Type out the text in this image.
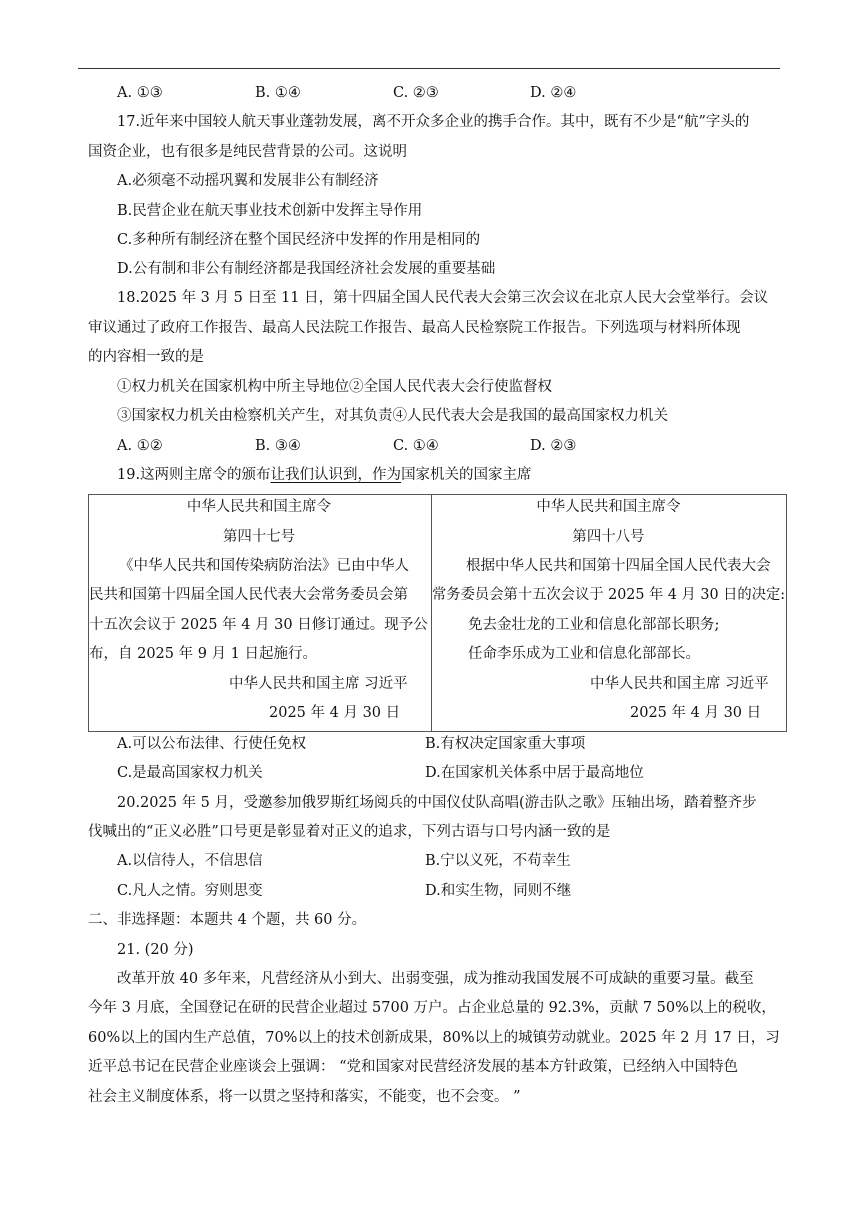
A. ①③	B. ①④	C. ②③	D. ②④
17.近年来中国较人航天事业蓬勃发展，离不开众多企业的携手合作。其中，既有不少是“航”字头的
国资企业，也有很多是纯民营背景的公司。这说明
A.必须毫不动摇巩翼和发展非公有制经济
B.民营企业在航天事业技术创新中发挥主导作用
C.多种所有制经济在整个国民经济中发挥的作用是相同的
D.公有制和非公有制经济都是我国经济社会发展的重要基础
18.2025 年 3 月 5 日至 11 日，第十四届全国人民代表大会第三次会议在北京人民大会堂举行。会议
审议通过了政府工作报告、最高人民法院工作报告、最高人民检察院工作报告。下列选项与材料所体现
的内容相一致的是
①权力机关在国家机构中所主导地位②全国人民代表大会行使监督权
③国家权力机关由检察机关产生，对其负责④人民代表大会是我国的最高国家权力机关
A. ①②	B. ③④	C. ①④	D. ②③
19.这两则主席令的颁布让我们认识到，作为国家机关的国家主席
中华人民共和国主席令
第四十七号
《中华人民共和国传染病防治法》已由中华人
民共和国第十四届全国人民代表大会常务委员会第
十五次会议于 2025 年 4 月 30 日修订通过。现予公
布，自 2025 年 9 月 1 日起施行。
中华人民共和国主席 习近平
2025 年 4 月 30 日
中华人民共和国主席令
第四十八号
根据中华人民共和国第十四届全国人民代表大会
常务委员会第十五次会议于 2025 年 4 月 30 日的决定:
免去金壮龙的工业和信息化部部长职务;
任命李乐成为工业和信息化部部长。
中华人民共和国主席 习近平
2025 年 4 月 30 日
A.可以公布法律、行使任免权	B.有权决定国家重大事项
C.是最高国家权力机关	D.在国家机关体系中居于最高地位
20.2025 年 5 月，受邀参加俄罗斯红场阅兵的中国仪仗队高唱(游击队之歌》压轴出场，踏着整齐步
伐喊出的“正义必胜”口号更是彰显着对正义的追求，下列古语与口号内涵一致的是
A.以信待人，不信思信	B.宁以义死，不苟幸生
C.凡人之情。穷则思变	D.和实生物，同则不继
二、非选择题：本题共 4 个题，共 60 分。
21. (20 分)
改革开放 40 多年来，凡营经济从小到大、出弱变强，成为推动我国发展不可成缺的重要习量。截至
今年 3 月底，全国登记在研的民营企业超过 5700 万户。占企业总量的 92.3%，贡献 7 50%以上的税收，
60%以上的国内生产总值，70%以上的技术创新成果，80%以上的城镇劳动就业。2025 年 2 月 17 日，习
近平总书记在民营企业座谈会上强调： “党和国家对民营经济发展的基本方针政策，已经纳入中国特色
社会主义制度体系，将一以贯之坚持和落实，不能变，也不会变。 ”
